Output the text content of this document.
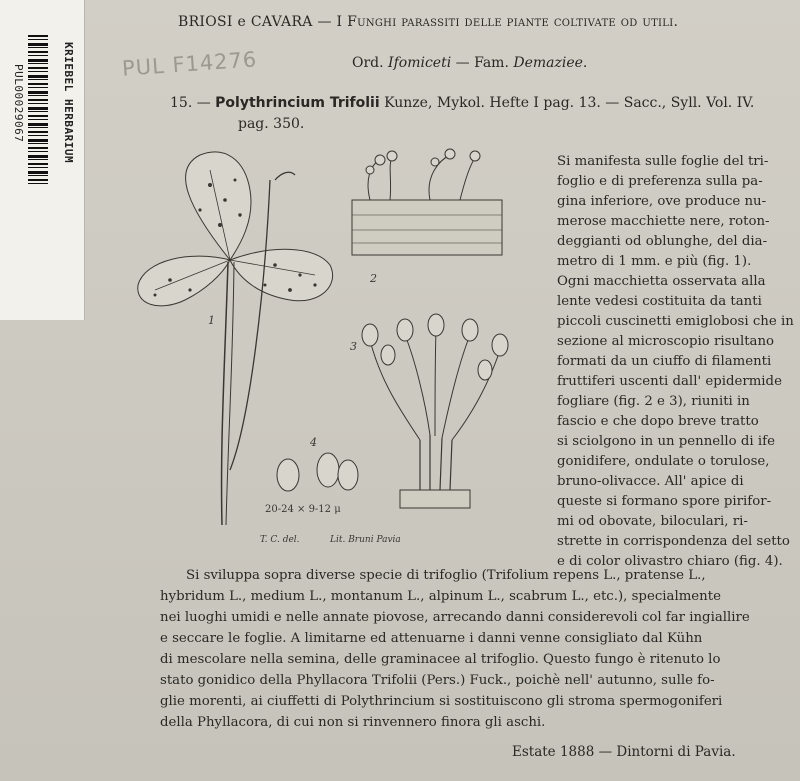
KRIEBEL HERBARIUM
PUL00029067
PUL F14276
BRIOSI e CAVARA — I Funghi parassiti delle piante coltivate od utili.
Ord. Ifomiceti — Fam. Demaziee.
15. — Polythrincium Trifolii Kunze, Mykol. Hefte I pag. 13. — Sacc., Syll. Vol. IV.
pag. 350.
1
2
3
4
20-24 × 9-12 μ
T. C. del.	Lit. Bruni Pavia
Si manifesta sulle foglie del tri-
foglio e di preferenza sulla pa-
gina inferiore, ove produce nu-
merose macchiette nere, roton-
deggianti od oblunghe, del dia-
metro di 1 mm. e più (fig. 1).
Ogni macchietta osservata alla
lente vedesi costituita da tanti
piccoli cuscinetti emiglobosi che in
sezione al microscopio risultano
formati da un ciuffo di filamenti
fruttiferi uscenti dall' epidermide
fogliare (fig. 2 e 3), riuniti in
fascio e che dopo breve tratto
si sciolgono in un pennello di ife
gonidifere, ondulate o torulose,
bruno-olivacce. All' apice di
queste si formano spore pirifor-
mi od obovate, biloculari, ri-
strette in corrispondenza del setto
e di color olivastro chiaro (fig. 4).
Si sviluppa sopra diverse specie di trifoglio (Trifolium repens L., pratense L.,
hybridum L., medium L., montanum L., alpinum L., scabrum L., etc.), specialmente
nei luoghi umidi e nelle annate piovose, arrecando danni considerevoli col far ingiallire
e seccare le foglie. A limitarne ed attenuarne i danni venne consigliato dal Kühn
di mescolare nella semina, delle graminacee al trifoglio. Questo fungo è ritenuto lo
stato gonidico della Phyllacora Trifolii (Pers.) Fuck., poichè nell' autunno, sulle fo-
glie morenti, ai ciuffetti di Polythrincium si sostituiscono gli stroma spermogoniferi
della Phyllacora, di cui non si rinvennero finora gli aschi.
Estate 1888 — Dintorni di Pavia.
